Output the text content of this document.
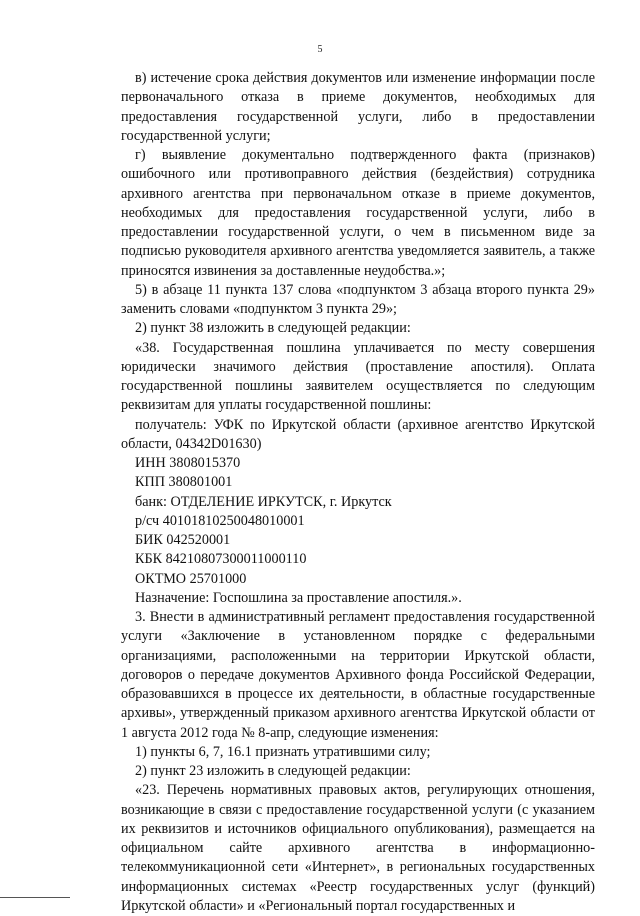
5

в) истечение срока действия документов или изменение информации после первоначального отказа в приеме документов, необходимых для предоставления государственной услуги, либо в предоставлении государственной услуги;

г) выявление документально подтвержденного факта (признаков) ошибочного или противоправного действия (бездействия) сотрудника архивного агентства при первоначальном отказе в приеме документов, необходимых для предоставления государственной услуги, либо в предоставлении государственной услуги, о чем в письменном виде за подписью руководителя архивного агентства уведомляется заявитель, а также приносятся извинения за доставленные неудобства.»;

5) в абзаце 11 пункта 137 слова «подпунктом 3 абзаца второго пункта 29» заменить словами «подпунктом 3 пункта 29»;

2) пункт 38 изложить в следующей редакции:

«38. Государственная пошлина уплачивается по месту совершения юридически значимого действия (проставление апостиля). Оплата государственной пошлины заявителем осуществляется по следующим реквизитам для уплаты государственной пошлины:

получатель: УФК по Иркутской области (архивное агентство Иркутской области, 04342D01630)

ИНН 3808015370
КПП 380801001
банк: ОТДЕЛЕНИЕ ИРКУТСК, г. Иркутск
р/сч 40101810250048010001
БИК 042520001
КБК 84210807300011000110
ОКТМО 25701000
Назначение: Госпошлина за проставление апостиля.».

3. Внести в административный регламент предоставления государственной услуги «Заключение в установленном порядке с федеральными организациями, расположенными на территории Иркутской области, договоров о передаче документов Архивного фонда Российской Федерации, образовавшихся в процессе их деятельности, в областные государственные архивы», утвержденный приказом архивного агентства Иркутской области от 1 августа 2012 года № 8-апр, следующие изменения:

1) пункты 6, 7, 16.1 признать утратившими силу;

2) пункт 23 изложить в следующей редакции:

«23. Перечень нормативных правовых актов, регулирующих отношения, возникающие в связи с предоставление государственной услуги (с указанием их реквизитов и источников официального опубликования), размещается на официальном сайте архивного агентства в информационно-телекоммуникационной сети «Интернет», в региональных государственных информационных системах «Реестр государственных услуг (функций) Иркутской области» и «Региональный портал государственных и
